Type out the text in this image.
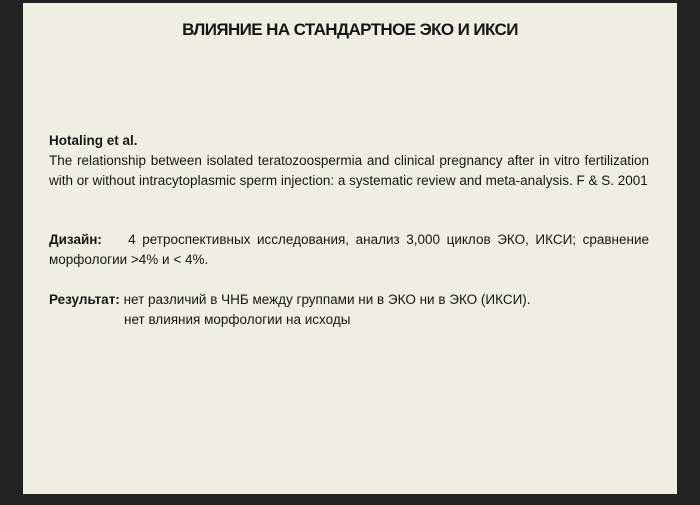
ВЛИЯНИЕ НА СТАНДАРТНОЕ ЭКО И ИКСИ

Hotaling et al.

The relationship between isolated teratozoospermia and clinical pregnancy after in vitro fertilization with or without intracytoplasmic sperm injection: a systematic review and meta-analysis. F & S. 2001

Дизайн: 4 ретроспективных исследования, анализ 3,000 циклов ЭКО, ИКСИ; сравнение морфологии >4% и < 4%.

Результат: нет различий в ЧНБ между группами ни в ЭКО ни в ЭКО (ИКСИ).

нет влияния морфологии на исходы
